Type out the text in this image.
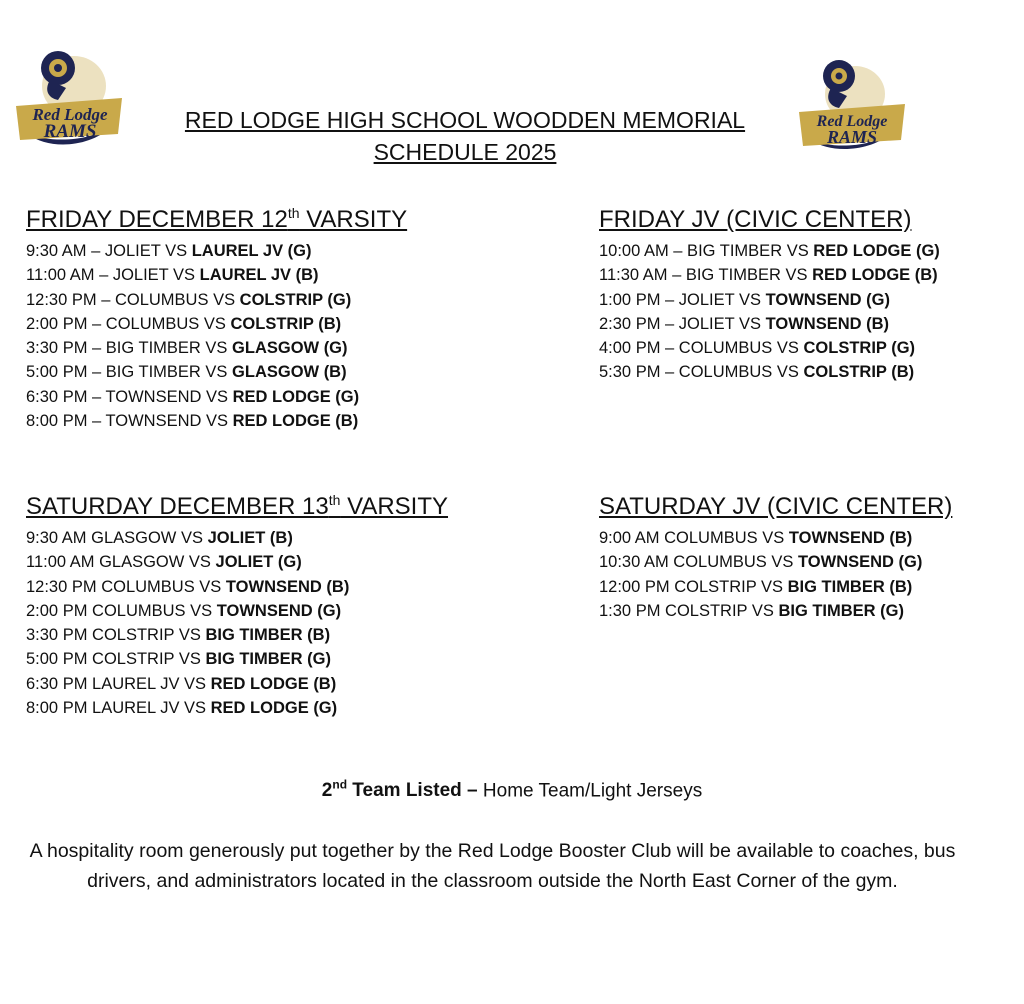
Red Lodge
RAMS	Red Lodge
RAMS
RED LODGE HIGH SCHOOL WOODDEN MEMORIAL
SCHEDULE 2025
FRIDAY DECEMBER 12th VARSITY
9:30 AM – JOLIET VS LAUREL JV (G)
11:00 AM – JOLIET VS LAUREL JV (B)
12:30 PM – COLUMBUS VS COLSTRIP (G)
2:00 PM – COLUMBUS VS COLSTRIP (B)
3:30 PM – BIG TIMBER VS GLASGOW (G)
5:00 PM – BIG TIMBER VS GLASGOW (B)
6:30 PM – TOWNSEND VS RED LODGE (G)
8:00 PM – TOWNSEND VS RED LODGE (B)
FRIDAY JV (CIVIC CENTER)
10:00 AM – BIG TIMBER VS RED LODGE (G)
11:30 AM – BIG TIMBER VS RED LODGE (B)
1:00 PM – JOLIET VS TOWNSEND (G)
2:30 PM – JOLIET VS TOWNSEND (B)
4:00 PM – COLUMBUS VS COLSTRIP (G)
5:30 PM – COLUMBUS VS COLSTRIP (B)
SATURDAY DECEMBER 13th VARSITY
9:30 AM GLASGOW VS JOLIET (B)
11:00 AM GLASGOW VS JOLIET (G)
12:30 PM COLUMBUS VS TOWNSEND (B)
2:00 PM COLUMBUS VS TOWNSEND (G)
3:30 PM COLSTRIP VS BIG TIMBER (B)
5:00 PM COLSTRIP VS BIG TIMBER (G)
6:30 PM LAUREL JV VS RED LODGE (B)
8:00 PM LAUREL JV VS RED LODGE (G)
SATURDAY JV (CIVIC CENTER)
9:00 AM COLUMBUS VS TOWNSEND (B)
10:30 AM COLUMBUS VS TOWNSEND (G)
12:00 PM COLSTRIP VS BIG TIMBER (B)
1:30 PM COLSTRIP VS BIG TIMBER (G)
2nd Team Listed – Home Team/Light Jerseys
A hospitality room generously put together by the Red Lodge Booster Club will be available to coaches, bus drivers, and administrators located in the classroom outside the North East Corner of the gym.
